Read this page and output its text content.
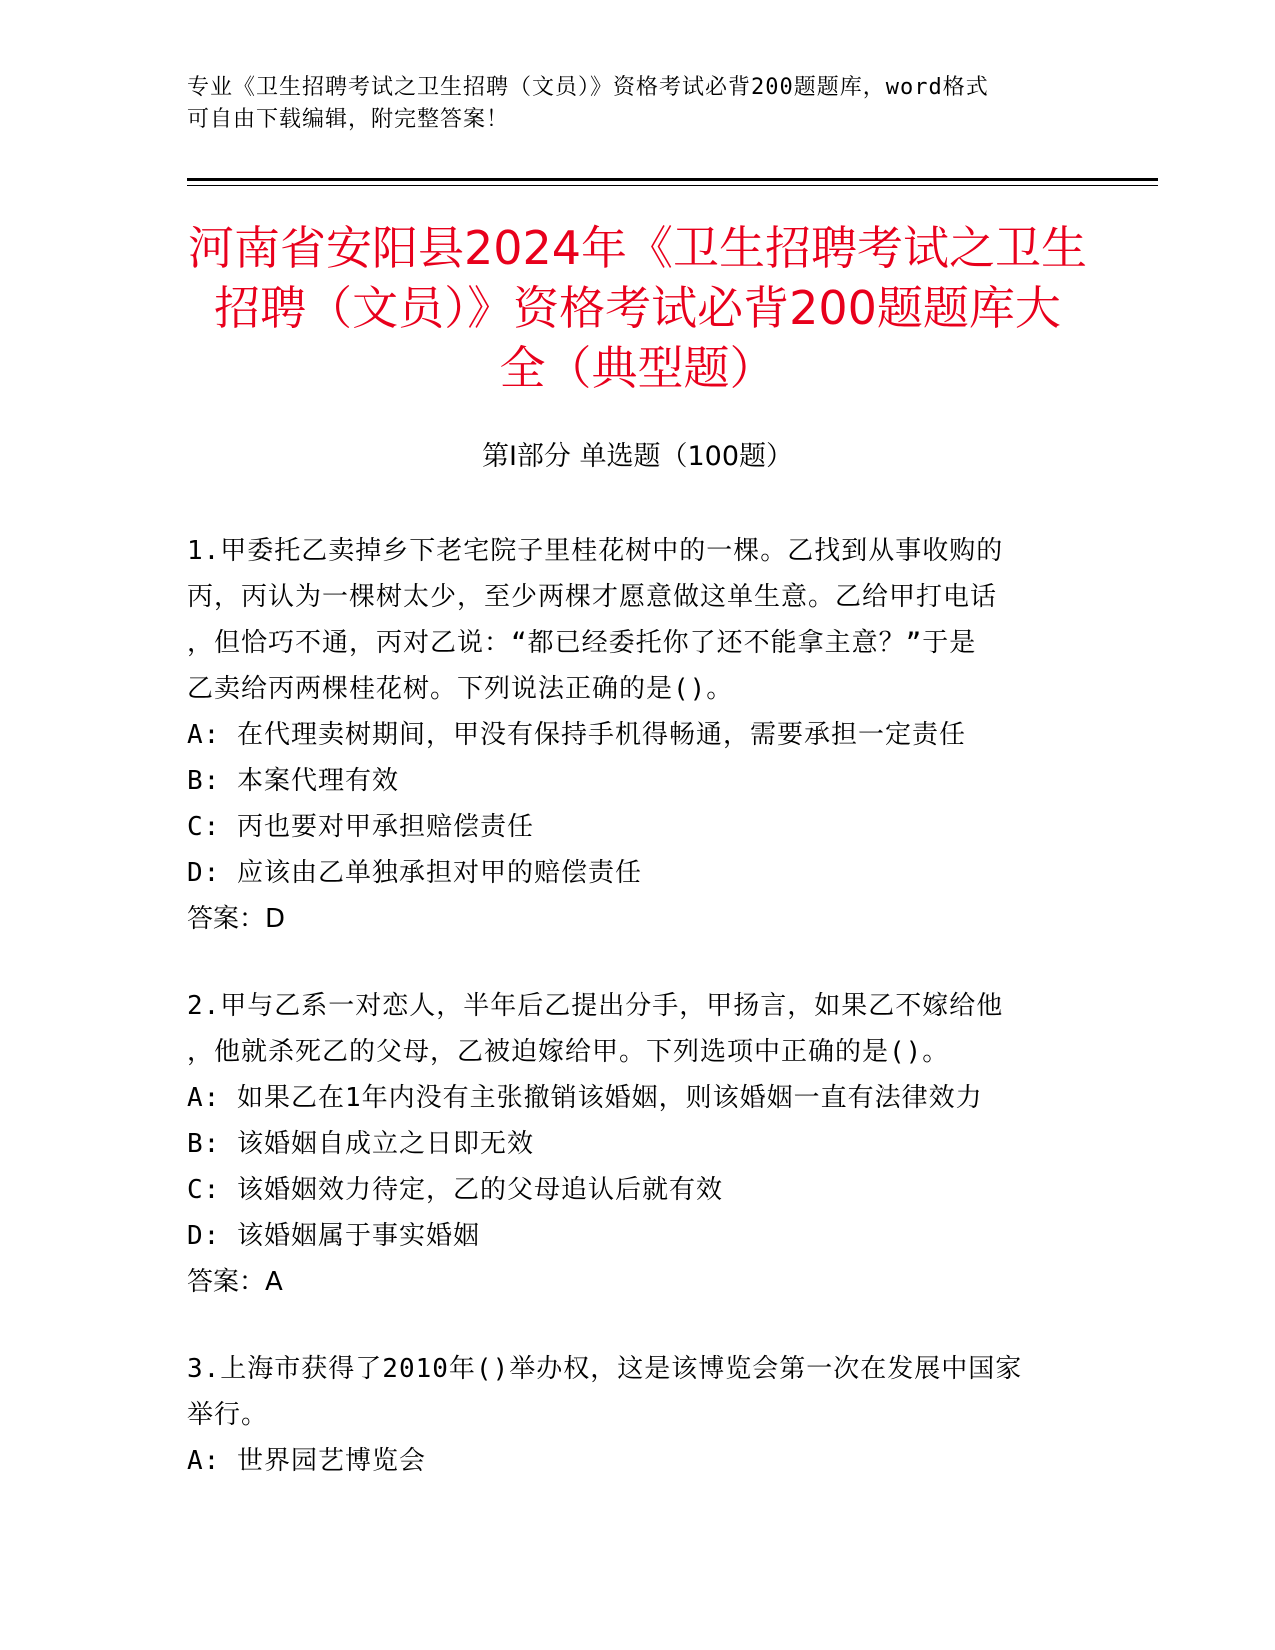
专业《卫生招聘考试之卫生招聘（文员）》资格考试必背200题题库，word格式
可自由下载编辑，附完整答案！
河南省安阳县2024年《卫生招聘考试之卫生
招聘（文员）》资格考试必背200题题库大
全（典型题）
第Ⅰ部分 单选题（100题）
1.甲委托乙卖掉乡下老宅院子里桂花树中的一棵。乙找到从事收购的
丙，丙认为一棵树太少，至少两棵才愿意做这单生意。乙给甲打电话
，但恰巧不通，丙对乙说：“都已经委托你了还不能拿主意？”于是
乙卖给丙两棵桂花树。下列说法正确的是()。
A: 在代理卖树期间，甲没有保持手机得畅通，需要承担一定责任
B: 本案代理有效
C: 丙也要对甲承担赔偿责任
D: 应该由乙单独承担对甲的赔偿责任
答案：D
2.甲与乙系一对恋人，半年后乙提出分手，甲扬言，如果乙不嫁给他
，他就杀死乙的父母，乙被迫嫁给甲。下列选项中正确的是()。
A: 如果乙在1年内没有主张撤销该婚姻，则该婚姻一直有法律效力
B: 该婚姻自成立之日即无效
C: 该婚姻效力待定，乙的父母追认后就有效
D: 该婚姻属于事实婚姻
答案：A
3.上海市获得了2010年()举办权，这是该博览会第一次在发展中国家
举行。
A: 世界园艺博览会
